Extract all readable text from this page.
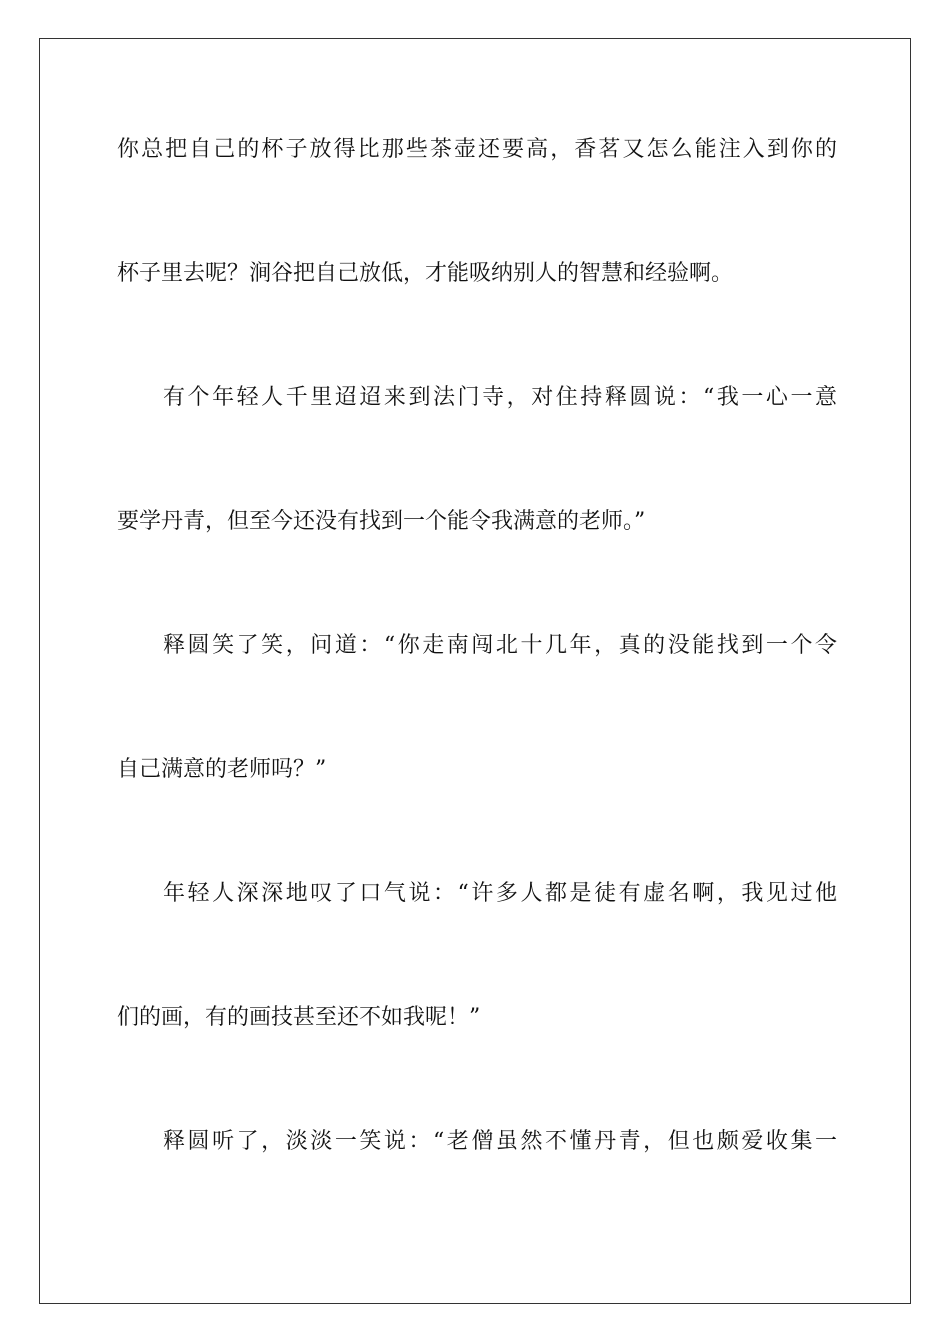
你总把自己的杯子放得比那些茶壶还要高，香茗又怎么能注入到你的
杯子里去呢？涧谷把自己放低，才能吸纳别人的智慧和经验啊。
有个年轻人千里迢迢来到法门寺，对住持释圆说：“我一心一意
要学丹青，但至今还没有找到一个能令我满意的老师。”
释圆笑了笑，问道：“你走南闯北十几年，真的没能找到一个令
自己满意的老师吗？”
年轻人深深地叹了口气说：“许多人都是徒有虚名啊，我见过他
们的画，有的画技甚至还不如我呢！”
释圆听了，淡淡一笑说：“老僧虽然不懂丹青，但也颇爱收集一
